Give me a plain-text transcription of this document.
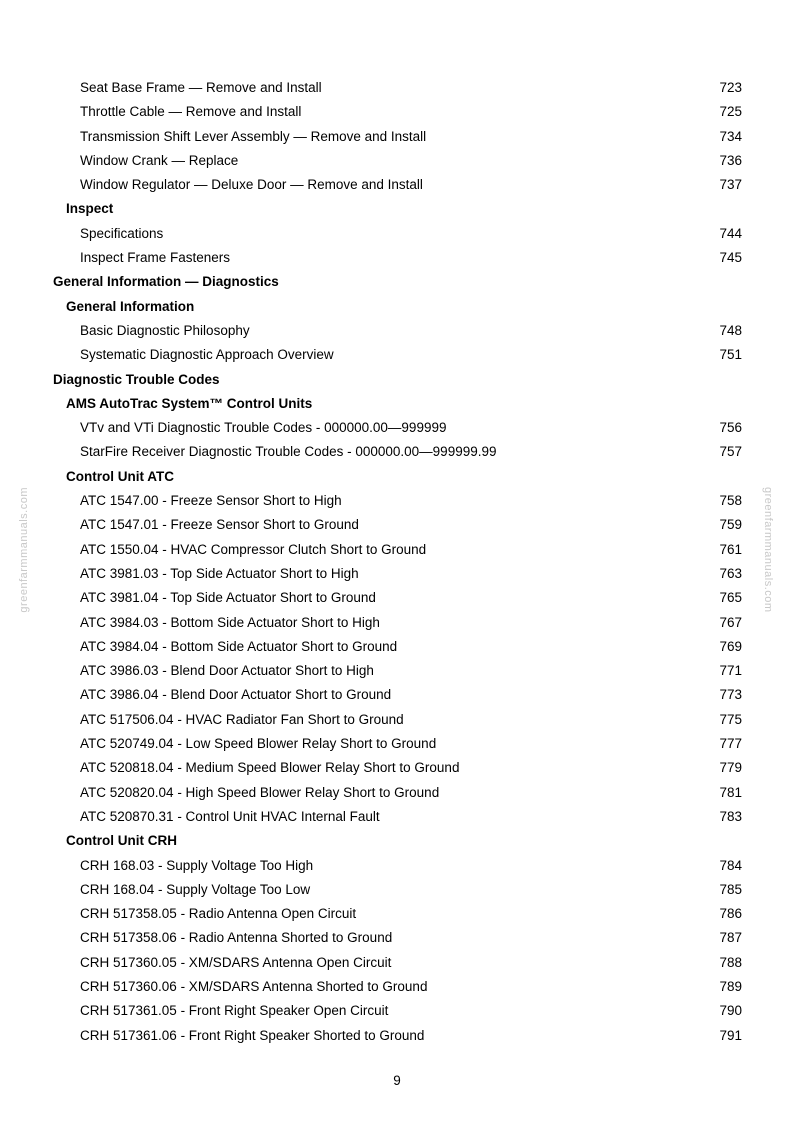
greenfarmmanuals.com	greenfarmmanuals.com
Seat Base Frame — Remove and Install	723
Throttle Cable — Remove and Install	725
Transmission Shift Lever Assembly — Remove and Install	734
Window Crank — Replace	736
Window Regulator — Deluxe Door — Remove and Install	737
Inspect
Specifications	744
Inspect Frame Fasteners	745
General Information — Diagnostics
General Information
Basic Diagnostic Philosophy	748
Systematic Diagnostic Approach Overview	751
Diagnostic Trouble Codes
AMS AutoTrac System™ Control Units
VTv and VTi Diagnostic Trouble Codes - 000000.00—999999	756
StarFire Receiver Diagnostic Trouble Codes - 000000.00—999999.99	757
Control Unit ATC
ATC 1547.00 - Freeze Sensor Short to High	758
ATC 1547.01 - Freeze Sensor Short to Ground	759
ATC 1550.04 - HVAC Compressor Clutch Short to Ground	761
ATC 3981.03 - Top Side Actuator Short to High	763
ATC 3981.04 - Top Side Actuator Short to Ground	765
ATC 3984.03 - Bottom Side Actuator Short to High	767
ATC 3984.04 - Bottom Side Actuator Short to Ground	769
ATC 3986.03 - Blend Door Actuator Short to High	771
ATC 3986.04 - Blend Door Actuator Short to Ground	773
ATC 517506.04 - HVAC Radiator Fan Short to Ground	775
ATC 520749.04 - Low Speed Blower Relay Short to Ground	777
ATC 520818.04 - Medium Speed Blower Relay Short to Ground	779
ATC 520820.04 - High Speed Blower Relay Short to Ground	781
ATC 520870.31 - Control Unit HVAC Internal Fault	783
Control Unit CRH
CRH 168.03 - Supply Voltage Too High	784
CRH 168.04 - Supply Voltage Too Low	785
CRH 517358.05 - Radio Antenna Open Circuit	786
CRH 517358.06 - Radio Antenna Shorted to Ground	787
CRH 517360.05 - XM/SDARS Antenna Open Circuit	788
CRH 517360.06 - XM/SDARS Antenna Shorted to Ground	789
CRH 517361.05 - Front Right Speaker Open Circuit	790
CRH 517361.06 - Front Right Speaker Shorted to Ground	791
9
